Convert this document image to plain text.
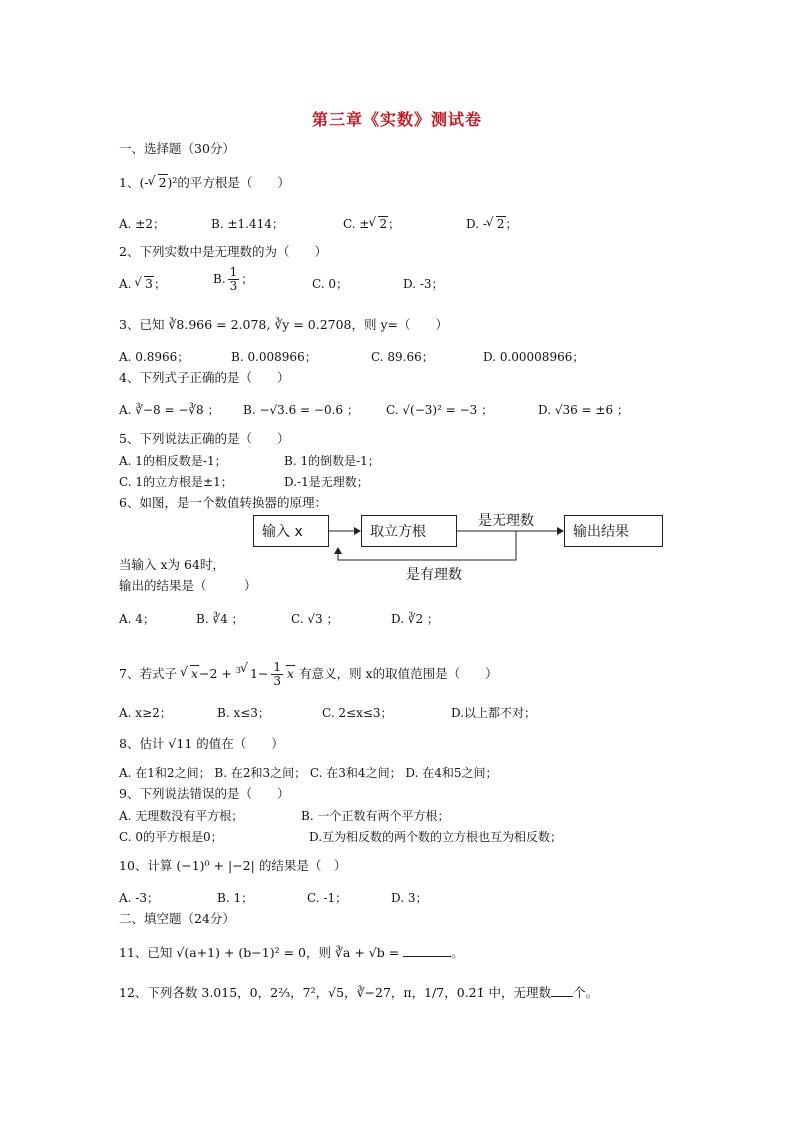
第三章《实数》测试卷
一、选择题（30分）
1、(- √ 2)²的平方根是（　　）
A. ±2；	B. ±1.414；	C. ± √ 2；	D. - √ 2；
2、下列实数中是无理数的为（　　）
A. √ 3；	B. $\frac{1}{3}$ ；	C. 0；	D. -3；
3、已知 ∛8.966 = 2.078, ∛y = 0.2708，则 y=（　　）
A. 0.8966；	B. 0.008966；	C. 89.66；	D. 0.00008966；
4、下列式子正确的是（　　）
A. ∛−8 = −∛8 ； B. −√3.6 = −0.6 ； C. √(−3)² = −3 ；	D. √36 = ±6 ；
5、下列说法正确的是（　　）
A. 1的相反数是-1；	B. 1的倒数是-1；
C. 1的立方根是±1；	D.-1是无理数；
6、如图，是一个数值转换器的原理：
输入 x	取立方根	输出结果
是无理数
是有理数
当输入 x为 64时，
输出的结果是（　　　）
A. 4；	B. ∛4 ；	C. √3 ；	D. ∛2 ；
7、若式子 √ x−2 + $^3$ √ $1- \frac{1}{3}$ x 有意义，则 x的取值范围是（　　）
A. x≥2；	B. x≤3；	C. 2≤x≤3；	D.以上都不对；
8、估计 √11 的值在（　　）
A. 在1和2之间； B. 在2和3之间； C. 在3和4之间； D. 在4和5之间；
9、下列说法错误的是（　　）
A. 无理数没有平方根；	B. 一个正数有两个平方根；
C. 0的平方根是0；	D.互为相反数的两个数的立方根也互为相反数；
10、计算 (−1)⁰ + |−2| 的结果是（　）
A. -3；	B. 1；	C. -1；	D. 3；
二、填空题（24分）
11、已知 √(a+1) + (b−1)² = 0，则 ∛a + √b =	。
12、下列各数 3.015，0，2⅔，7²，√5，∛−27，π，1/7，0.2̇1̇ 中，无理数 个。
